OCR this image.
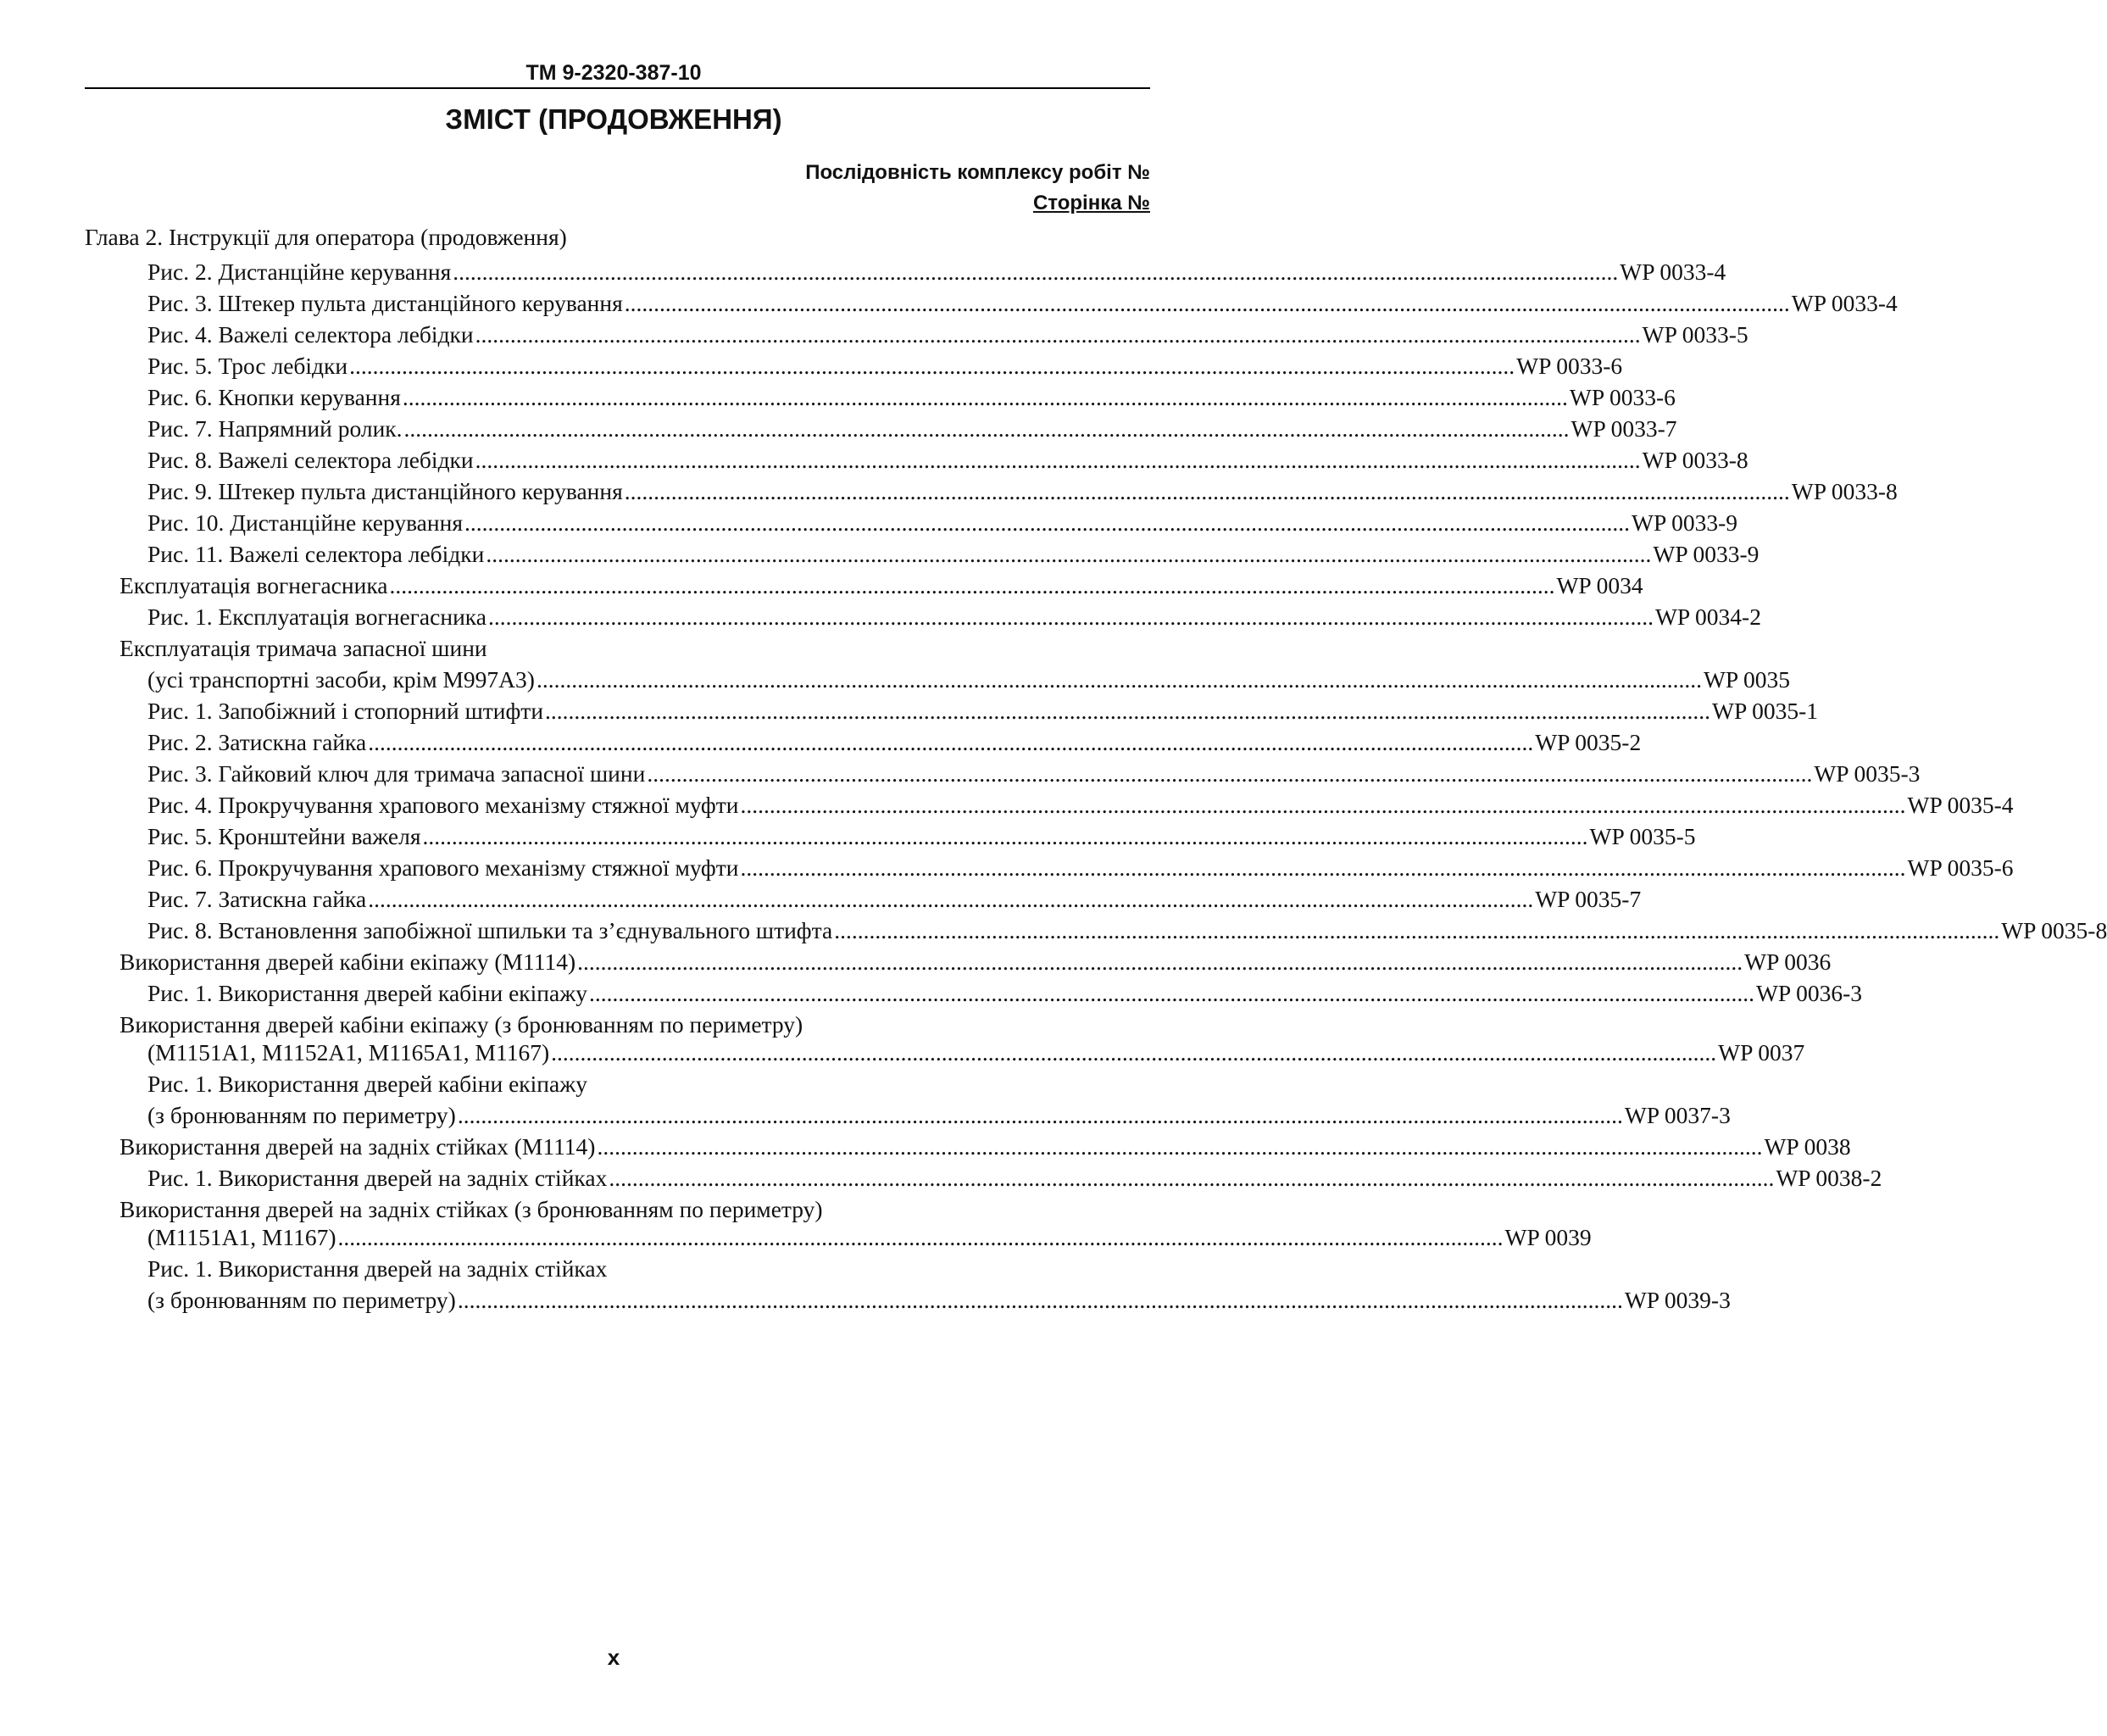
TM 9-2320-387-10
ЗМІСТ (ПРОДОВЖЕННЯ)
Послідовність комплексу робіт №
Сторінка №
Глава 2. Інструкції для оператора (продовження)
Рис. 2. Дистанційне керування ........................................................................................................................................................................................................ WP 0033-4
Рис. 3. Штекер пульта дистанційного керування ........................................................................................................................................................................................................ WP 0033-4
Рис. 4. Важелі селектора лебідки ........................................................................................................................................................................................................ WP 0033-5
Рис. 5. Трос лебідки ........................................................................................................................................................................................................ WP 0033-6
Рис. 6. Кнопки керування ........................................................................................................................................................................................................ WP 0033-6
Рис. 7. Напрямний ролик. ........................................................................................................................................................................................................ WP 0033-7
Рис. 8. Важелі селектора лебідки ........................................................................................................................................................................................................ WP 0033-8
Рис. 9. Штекер пульта дистанційного керування ........................................................................................................................................................................................................ WP 0033-8
Рис. 10. Дистанційне керування ........................................................................................................................................................................................................ WP 0033-9
Рис. 11. Важелі селектора лебідки ........................................................................................................................................................................................................ WP 0033-9
Експлуатація вогнегасника ........................................................................................................................................................................................................ WP 0034
Рис. 1. Експлуатація вогнегасника ........................................................................................................................................................................................................ WP 0034-2
Експлуатація тримача запасної шини
(усі транспортні засоби, крім M997A3) ........................................................................................................................................................................................................ WP 0035
Рис. 1. Запобіжний і стопорний штифти ........................................................................................................................................................................................................ WP 0035-1
Рис. 2. Затискна гайка ........................................................................................................................................................................................................ WP 0035-2
Рис. 3. Гайковий ключ для тримача запасної шини ........................................................................................................................................................................................................ WP 0035-3
Рис. 4. Прокручування храпового механізму стяжної муфти ........................................................................................................................................................................................................ WP 0035-4
Рис. 5. Кронштейни важеля ........................................................................................................................................................................................................ WP 0035-5
Рис. 6. Прокручування храпового механізму стяжної муфти ........................................................................................................................................................................................................ WP 0035-6
Рис. 7. Затискна гайка ........................................................................................................................................................................................................ WP 0035-7
Рис. 8. Встановлення запобіжної шпильки та з’єднувального штифта ........................................................................................................................................................................................................ WP 0035-8
Використання дверей кабіни екіпажу (M1114) ........................................................................................................................................................................................................ WP 0036
Рис. 1. Використання дверей кабіни екіпажу ........................................................................................................................................................................................................ WP 0036-3
Використання дверей кабіни екіпажу (з бронюванням по периметру)
(M1151A1, M1152A1, M1165A1, M1167) ........................................................................................................................................................................................................ WP 0037
Рис. 1. Використання дверей кабіни екіпажу
(з бронюванням по периметру) ........................................................................................................................................................................................................ WP 0037-3
Використання дверей на задніх стійках (M1114) ........................................................................................................................................................................................................ WP 0038
Рис. 1. Використання дверей на задніх стійках ........................................................................................................................................................................................................ WP 0038-2
Використання дверей на задніх стійках (з бронюванням по периметру)
(M1151A1, M1167) ........................................................................................................................................................................................................ WP 0039
Рис. 1. Використання дверей на задніх стійках
(з бронюванням по периметру) ........................................................................................................................................................................................................ WP 0039-3
x
